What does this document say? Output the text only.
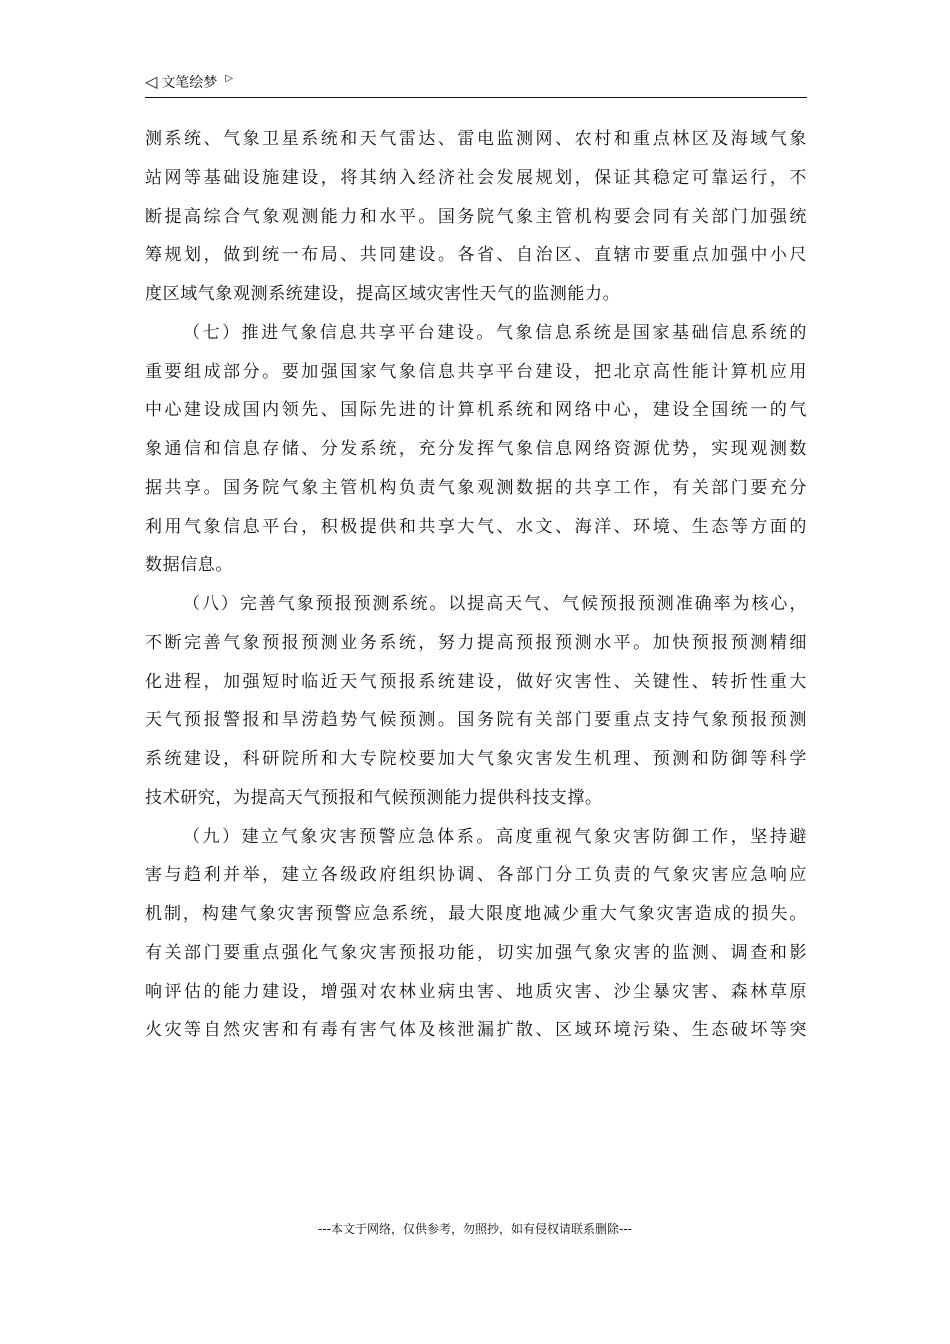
◁ 文笔绘梦 ▷
测系统、气象卫星系统和天气雷达、雷电监测网、农村和重点林区及海域气象
站网等基础设施建设，将其纳入经济社会发展规划，保证其稳定可靠运行，不
断提高综合气象观测能力和水平。国务院气象主管机构要会同有关部门加强统
筹规划，做到统一布局、共同建设。各省、自治区、直辖市要重点加强中小尺
度区域气象观测系统建设，提高区域灾害性天气的监测能力。
（七）推进气象信息共享平台建设。气象信息系统是国家基础信息系统的
重要组成部分。要加强国家气象信息共享平台建设，把北京高性能计算机应用
中心建设成国内领先、国际先进的计算机系统和网络中心，建设全国统一的气
象通信和信息存储、分发系统，充分发挥气象信息网络资源优势，实现观测数
据共享。国务院气象主管机构负责气象观测数据的共享工作，有关部门要充分
利用气象信息平台，积极提供和共享大气、水文、海洋、环境、生态等方面的
数据信息。
（八）完善气象预报预测系统。以提高天气、气候预报预测准确率为核心，
不断完善气象预报预测业务系统，努力提高预报预测水平。加快预报预测精细
化进程，加强短时临近天气预报系统建设，做好灾害性、关键性、转折性重大
天气预报警报和旱涝趋势气候预测。国务院有关部门要重点支持气象预报预测
系统建设，科研院所和大专院校要加大气象灾害发生机理、预测和防御等科学
技术研究，为提高天气预报和气候预测能力提供科技支撑。
（九）建立气象灾害预警应急体系。高度重视气象灾害防御工作，坚持避
害与趋利并举，建立各级政府组织协调、各部门分工负责的气象灾害应急响应
机制，构建气象灾害预警应急系统，最大限度地减少重大气象灾害造成的损失。
有关部门要重点强化气象灾害预报功能，切实加强气象灾害的监测、调查和影
响评估的能力建设，增强对农林业病虫害、地质灾害、沙尘暴灾害、森林草原
火灾等自然灾害和有毒有害气体及核泄漏扩散、区域环境污染、生态破坏等突
---本文于网络，仅供参考，勿照抄，如有侵权请联系删除---
